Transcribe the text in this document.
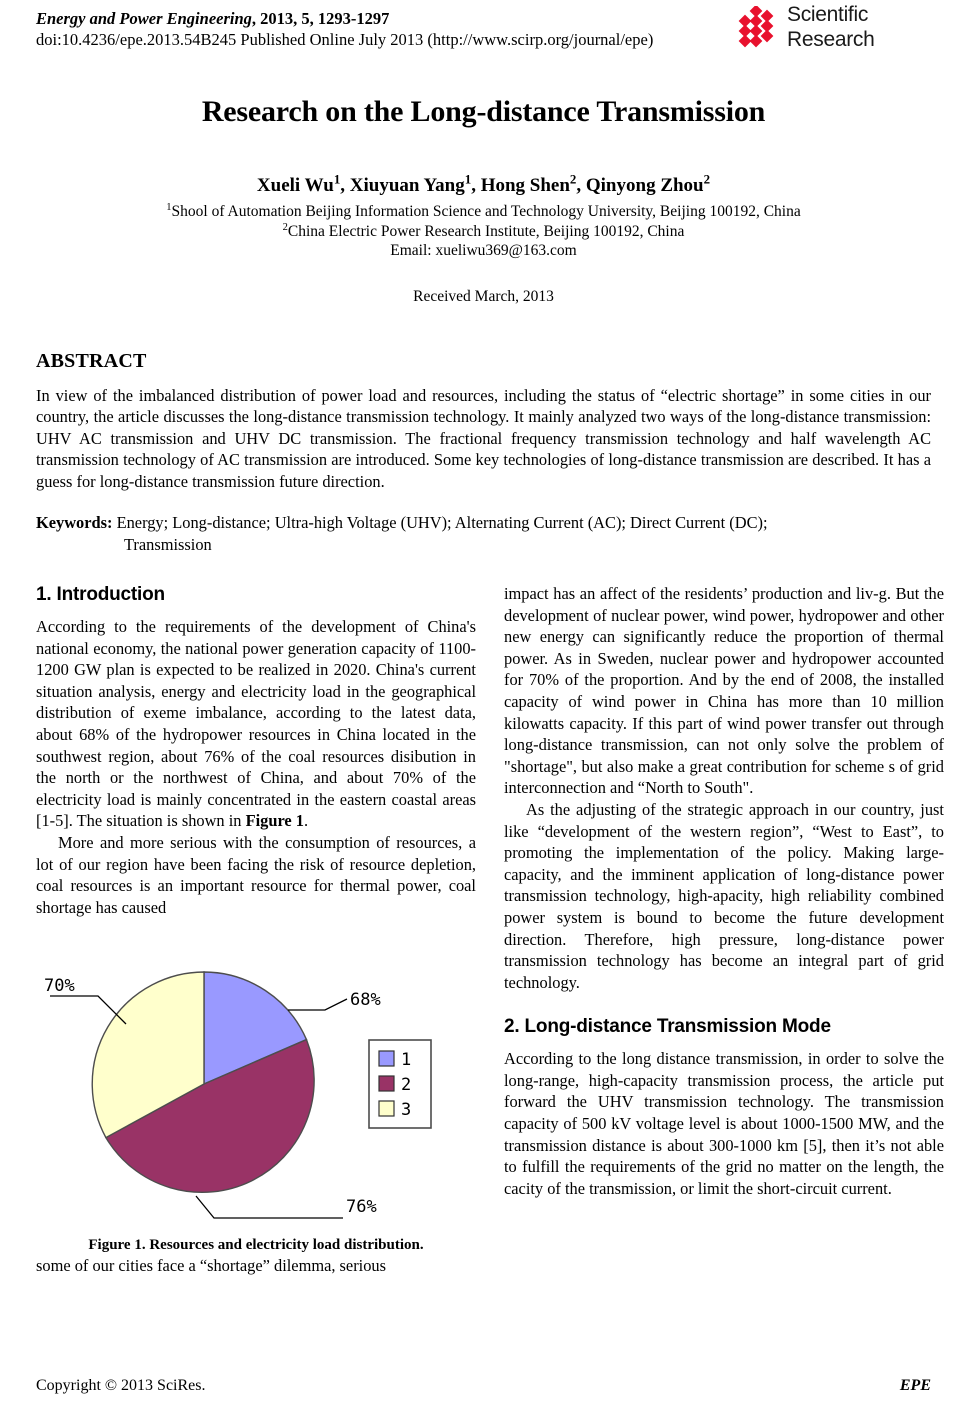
Energy and Power Engineering, 2013, 5, 1293-1297
doi:10.4236/epe.2013.54B245 Published Online July 2013 (http://www.scirp.org/journal/epe)
Scientific
Research
Research on the Long-distance Transmission
Xueli Wu$^1$, Xiuyuan Yang$^1$, Hong Shen$^2$, Qinyong Zhou$^2$
$^1$Shool of Automation Beijing Information Science and Technology University, Beijing 100192, China
$^2$China Electric Power Research Institute, Beijing 100192, China
Email: xueliwu369@163.com
Received March, 2013
ABSTRACT
In view of the imbalanced distribution of power load and resources, including the status of “electric shortage” in some cities in our country, the article discusses the long-distance transmission technology. It mainly analyzed two ways of the long-distance transmission: UHV AC transmission and UHV DC transmission. The fractional frequency transmission technology and half wavelength AC transmission technology of AC transmission are introduced. Some key technologies of long-distance transmission are described. It has a guess for long-distance transmission future direction.
Keywords: Energy; Long-distance; Ultra-high Voltage (UHV); Alternating Current (AC); Direct Current (DC);
Transmission
1. Introduction

According to the requirements of the development of China's national economy, the national power generation capacity of 1100-1200 GW plan is expected to be realized in 2020. China's current situation analysis, energy and electricity load in the geographical distribution of exeme imbalance, according to the latest data, about 68% of the hydropower resources in China located in the southwest region, about 76% of the coal resources disibution in the north or the northwest of China, and about 70% of the electricity load is mainly concentrated in the eastern coastal areas [1-5]. The situation is shown in Figure 1.

More and more serious with the consumption of resources, a lot of our region have been facing the risk of resource depletion, coal resources is an important resource for thermal power, coal shortage has caused

68%
76%
70%
1
2
3
Figure 1. Resources and electricity load distribution.

some of our cities face a “shortage” dilemma, serious

impact has an affect of the residents’ production and liv-g. But the development of nuclear power, wind power, hydropower and other new energy can significantly reduce the proportion of thermal power. As in Sweden, nuclear power and hydropower accounted for 70% of the proportion. And by the end of 2008, the installed capacity of wind power in China has more than 10 million kilowatts capacity. If this part of wind power transfer out through long-distance transmission, can not only solve the problem of "shortage", but also make a great contribution for scheme s of grid interconnection and “North to South".

As the adjusting of the strategic approach in our country, just like “development of the western region”, “West to East”, to promoting the implementation of the policy. Making large-capacity, and the imminent application of long-distance power transmission technology, high-apacity, high reliability combined power system is bound to become the future development direction. Therefore, high pressure, long-distance power transmission technology has become an integral part of grid technology.

2. Long-distance Transmission Mode

According to the long distance transmission, in order to solve the long-range, high-capacity transmission process, the article put forward the UHV transmission technology. The transmission capacity of 500 kV voltage level is about 1000-1500 MW, and the transmission distance is about 300-1000 km [5], then it’s not able to fulfill the requirements of the grid no matter on the length, the cacity of the transmission, or limit the short-circuit current.

Copyright © 2013 SciRes.	EPE
